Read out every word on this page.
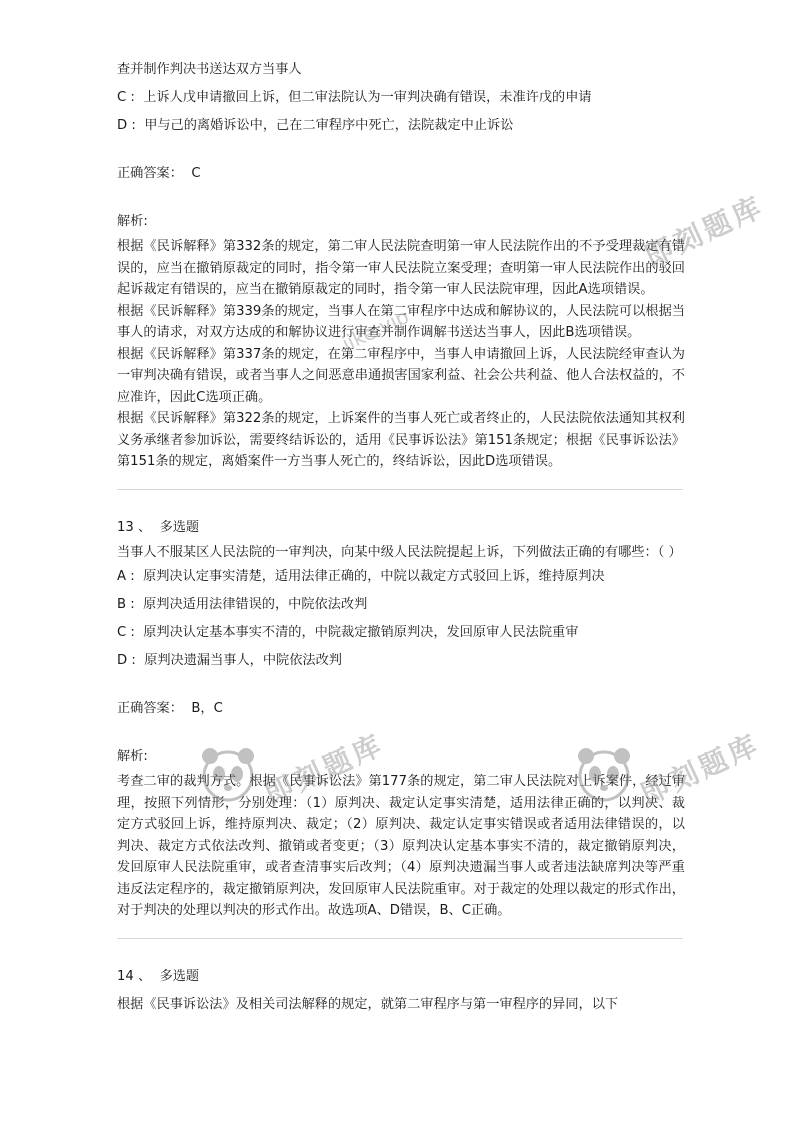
查并制作判决书送达双方当事人
C : 上诉人戊申请撤回上诉，但二审法院认为一审判决确有错误，未准许戊的申请
D : 甲与己的离婚诉讼中，己在二审程序中死亡，法院裁定中止诉讼
正确答案： C
解析:
根据《民诉解释》第332条的规定，第二审人民法院查明第一审人民法院作出的不予受理裁定有错误的，应当在撤销原裁定的同时，指令第一审人民法院立案受理；查明第一审人民法院作出的驳回起诉裁定有错误的，应当在撤销原裁定的同时，指令第一审人民法院审理，因此A选项错误。
根据《民诉解释》第339条的规定，当事人在第二审程序中达成和解协议的，人民法院可以根据当事人的请求，对双方达成的和解协议进行审查并制作调解书送达当事人，因此B选项错误。
根据《民诉解释》第337条的规定，在第二审程序中，当事人申请撤回上诉，人民法院经审查认为一审判决确有错误，或者当事人之间恶意串通损害国家利益、社会公共利益、他人合法权益的，不应准许，因此C选项正确。
根据《民诉解释》第322条的规定，上诉案件的当事人死亡或者终止的，人民法院依法通知其权利义务承继者参加诉讼，需要终结诉讼的，适用《民事诉讼法》第151条规定；根据《民事诉讼法》第151条的规定，离婚案件一方当事人死亡的，终结诉讼，因此D选项错误。
13 、 多选题
当事人不服某区人民法院的一审判决，向某中级人民法院提起上诉，下列做法正确的有哪些：（ ）
A : 原判决认定事实清楚，适用法律正确的，中院以裁定方式驳回上诉，维持原判决
B : 原判决适用法律错误的，中院依法改判
C : 原判决认定基本事实不清的，中院裁定撤销原判决，发回原审人民法院重审
D : 原判决遗漏当事人，中院依法改判
正确答案： B，C
解析:
考查二审的裁判方式。根据《民事诉讼法》第177条的规定，第二审人民法院对上诉案件，经过审理，按照下列情形，分别处理：（1）原判决、裁定认定事实清楚，适用法律正确的，以判决、裁定方式驳回上诉，维持原判决、裁定；（2）原判决、裁定认定事实错误或者适用法律错误的，以判决、裁定方式依法改判、撤销或者变更；（3）原判决认定基本事实不清的，裁定撤销原判决，发回原审人民法院重审，或者查清事实后改判；（4）原判决遗漏当事人或者违法缺席判决等严重违反法定程序的，裁定撤销原判决，发回原审人民法院重审。对于裁定的处理以裁定的形式作出，对于判决的处理以判决的形式作出。故选项A、D错误，B、C正确。
14 、 多选题
根据《民事诉讼法》及相关司法解释的规定，就第二审程序与第一审程序的异同，以下
即刻题库
jike.vip
即刻题库
即刻题库
